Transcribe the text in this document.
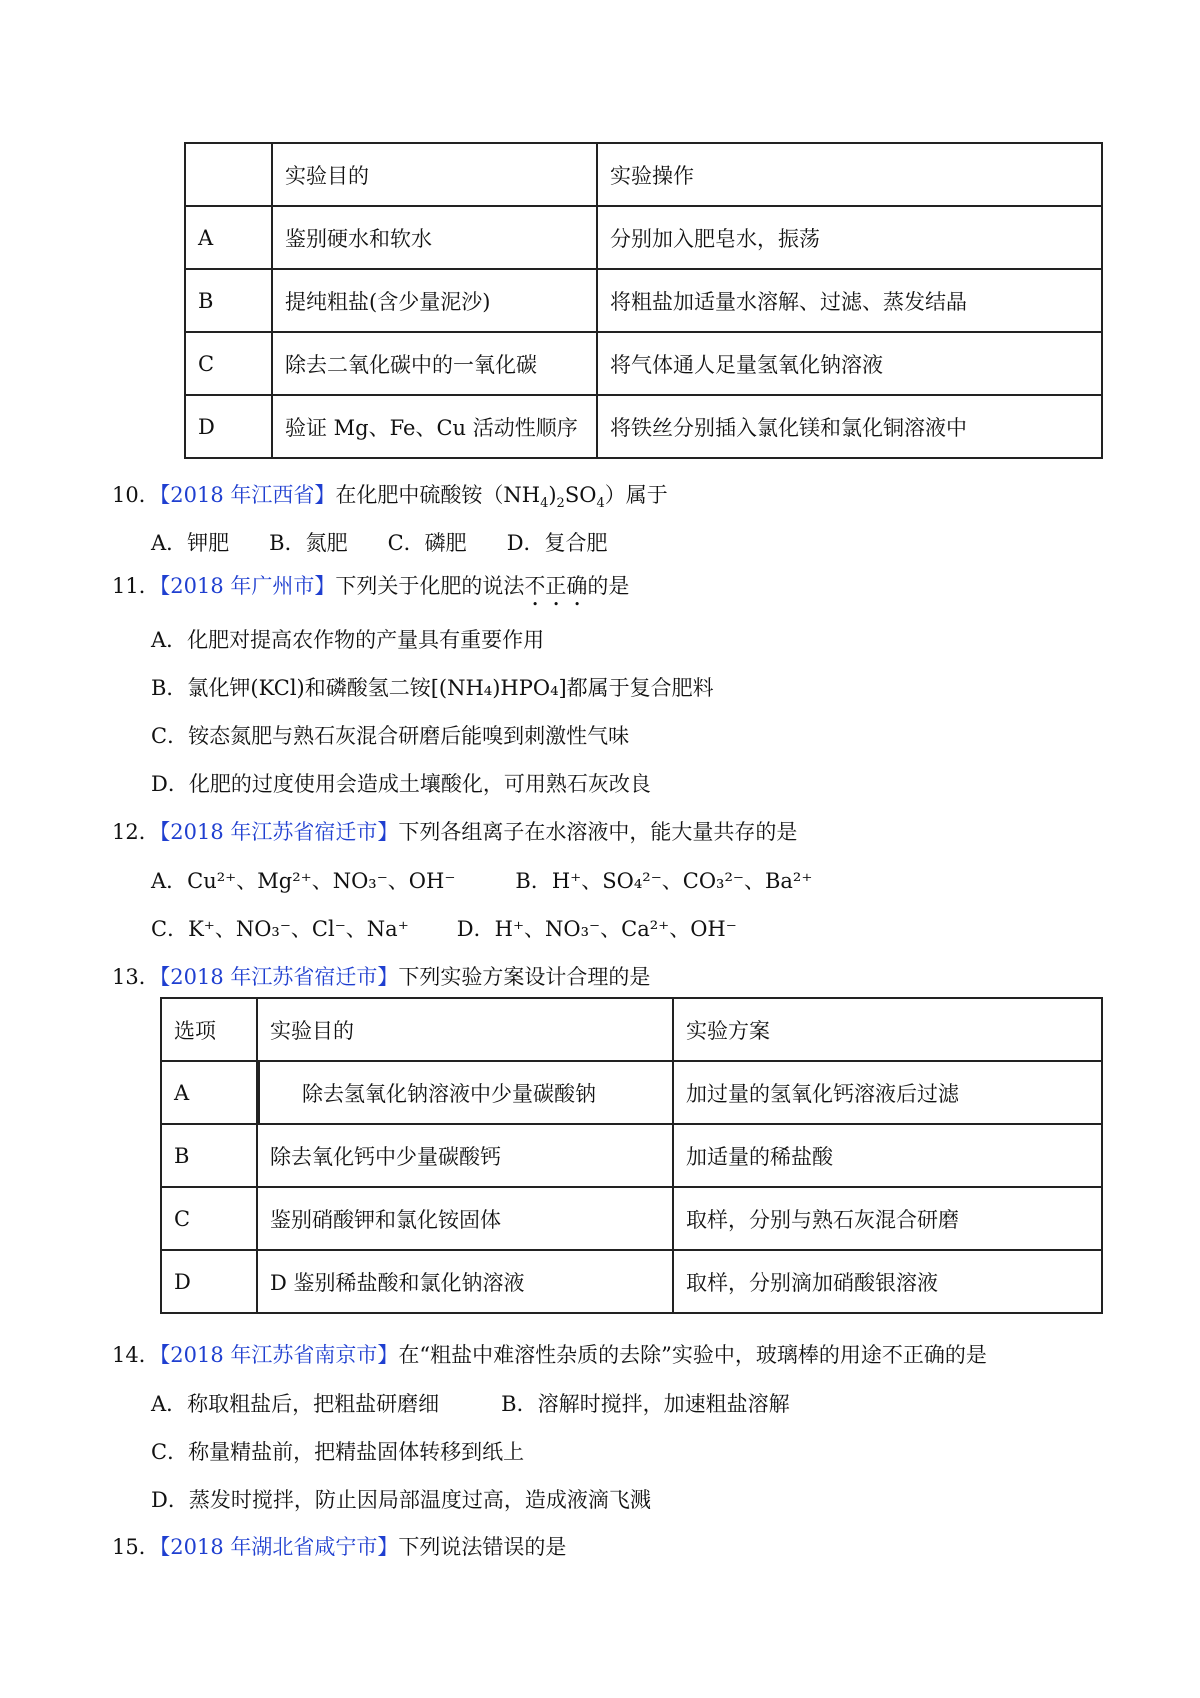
	实验目的	实验操作
A	鉴别硬水和软水	分别加入肥皂水，振荡
B	提纯粗盐(含少量泥沙)	将粗盐加适量水溶解、过滤、蒸发结晶
C	除去二氧化碳中的一氧化碳	将气体通人足量氢氧化钠溶液
D	验证 Mg、Fe、Cu 活动性顺序	将铁丝分别插入氯化镁和氯化铜溶液中
10．【2018 年江西省】在化肥中硫酸铵$(NH_4)_2SO_4$）属于
A．钾肥 B．氮肥 C．磷肥 D．复合肥
11．【2018 年广州市】下列关于化肥的说法不正确的是
A．化肥对提高农作物的产量具有重要作用
B．氯化钾(KCl)和磷酸氢二铵[(NH₄)HPO₄]都属于复合肥料
C．铵态氮肥与熟石灰混合研磨后能嗅到刺激性气味
D．化肥的过度使用会造成土壤酸化，可用熟石灰改良
12．【2018 年江苏省宿迁市】下列各组离子在水溶液中，能大量共存的是
A．Cu²⁺、Mg²⁺、NO₃⁻、OH⁻	B．H⁺、SO₄²⁻、CO₃²⁻、Ba²⁺
C．K⁺、NO₃⁻、Cl⁻、Na⁺ D．H⁺、NO₃⁻、Ca²⁺、OH⁻
13．【2018 年江苏省宿迁市】下列实验方案设计合理的是
选项	实验目的	实验方案
A	除去氢氧化钠溶液中少量碳酸钠	加过量的氢氧化钙溶液后过滤
B	除去氧化钙中少量碳酸钙	加适量的稀盐酸
C	鉴别硝酸钾和氯化铵固体	取样，分别与熟石灰混合研磨
D	D 鉴别稀盐酸和氯化钠溶液	取样，分别滴加硝酸银溶液
14．【2018 年江苏省南京市】在“粗盐中难溶性杂质的去除”实验中，玻璃棒的用途不正确的是
A．称取粗盐后，把粗盐研磨细	B．溶解时搅拌，加速粗盐溶解
C．称量精盐前，把精盐固体转移到纸上
D．蒸发时搅拌，防止因局部温度过高，造成液滴飞溅
15．【2018 年湖北省咸宁市】下列说法错误的是
